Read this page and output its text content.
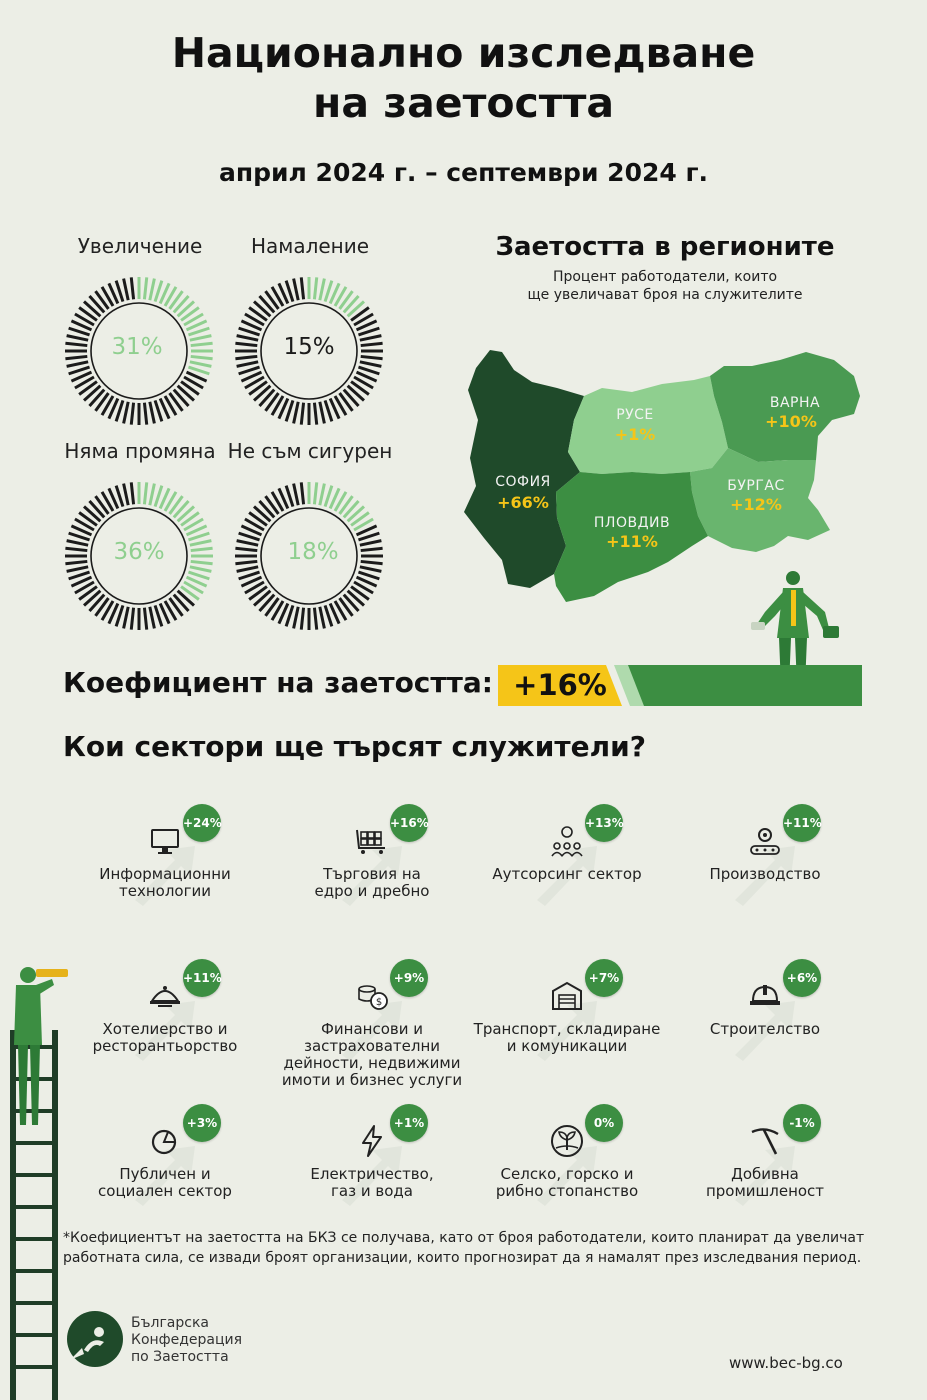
Национално изследване
на заетостта
април 2024 г. – септември 2024 г.
Увеличение	Намаление
Няма промяна Не съм сигурен
31%	15%
36%	18%
Заетостта в регионите
Процент работодатели, които
ще увеличават броя на служителите
СОФИЯ
+66%
РУСЕ
+1%
ВАРНА
+10%
БУРГАС
+12%
ПЛОВДИВ
+11%
Коефициент на заетостта: +16%
Кои сектори ще търсят служители?
+24%
Информационни
технологии
+16%
Търговия на
едро и дребно
+13%
Аутсорсинг сектор
+11%
Производство
+11%
Хотелиерство и
ресторантьорство
$
+9%
Финансови и
застрахователни
дейности, недвижими
имоти и бизнес услуги
+7%
Транспорт, складиране
и комуникации
+6%
Строителство
+3%
Публичен и
социален сектор
+1%
Електричество,
газ и вода
0%
Селско, горско и
рибно стопанство
-1%
Добивна
промишленост
*Коефициентът на заетостта на БКЗ се получава, като от броя работодатели, които планират да увеличат работната сила, се извади броят организации, които прогнозират да я намалят през изследвания период.
Българска
Конфедерация
по Заетостта	www.bec-bg.co
